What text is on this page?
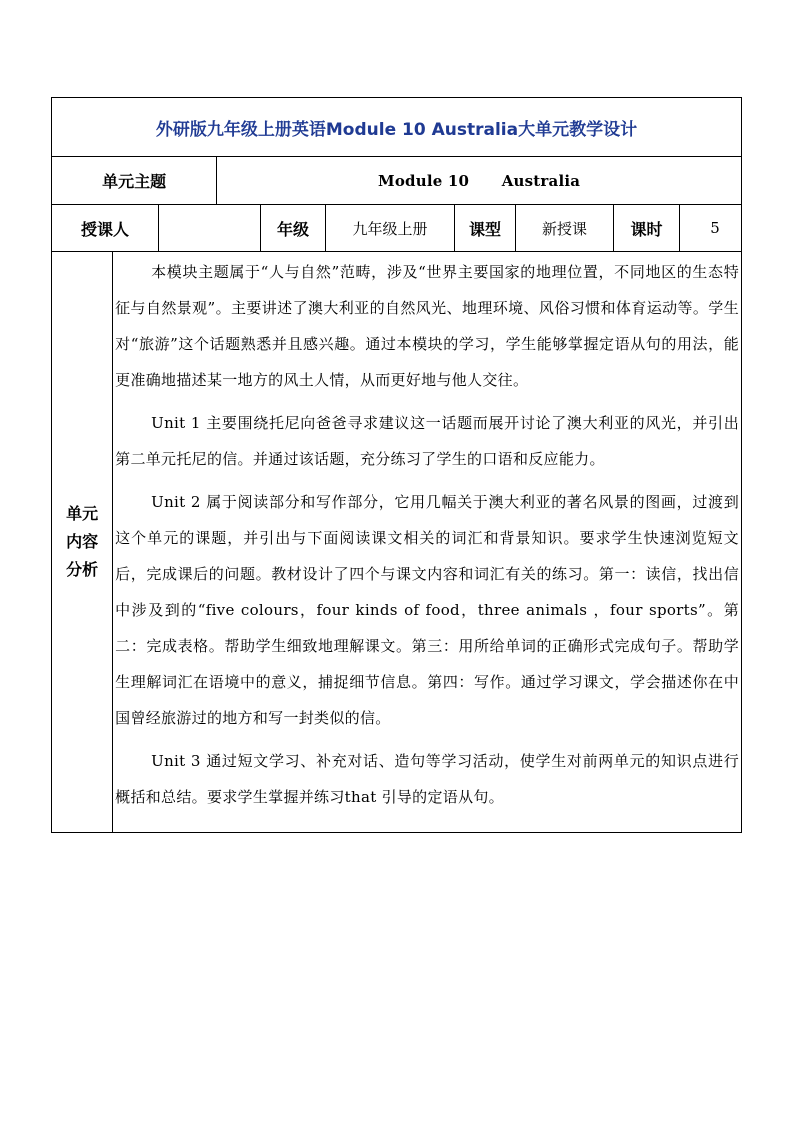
外研版九年级上册英语Module 10 Australia大单元教学设计
单元主题	Module 10      Australia

授课人		年级	九年级上册	课型	新授课	课时	5

单元
内容
分析

本模块主题属于“人与自然”范畴，涉及“世界主要国家的地理位置，不同地区的生态特征与自然景观”。主要讲述了澳大利亚的自然风光、地理环境、风俗习惯和体育运动等。学生对“旅游”这个话题熟悉并且感兴趣。通过本模块的学习，学生能够掌握定语从句的用法，能更准确地描述某一地方的风土人情，从而更好地与他人交往。

Unit 1 主要围绕托尼向爸爸寻求建议这一话题而展开讨论了澳大利亚的风光，并引出第二单元托尼的信。并通过该话题，充分练习了学生的口语和反应能力。

Unit 2 属于阅读部分和写作部分，它用几幅关于澳大利亚的著名风景的图画，过渡到这个单元的课题，并引出与下面阅读课文相关的词汇和背景知识。要求学生快速浏览短文后，完成课后的问题。教材设计了四个与课文内容和词汇有关的练习。第一：读信，找出信中涉及到的“five colours，four kinds of food，three animals ，four sports”。第二：完成表格。帮助学生细致地理解课文。第三：用所给单词的正确形式完成句子。帮助学生理解词汇在语境中的意义，捕捉细节信息。第四：写作。通过学习课文，学会描述你在中国曾经旅游过的地方和写一封类似的信。

Unit 3 通过短文学习、补充对话、造句等学习活动，使学生对前两单元的知识点进行概括和总结。要求学生掌握并练习that 引导的定语从句。
